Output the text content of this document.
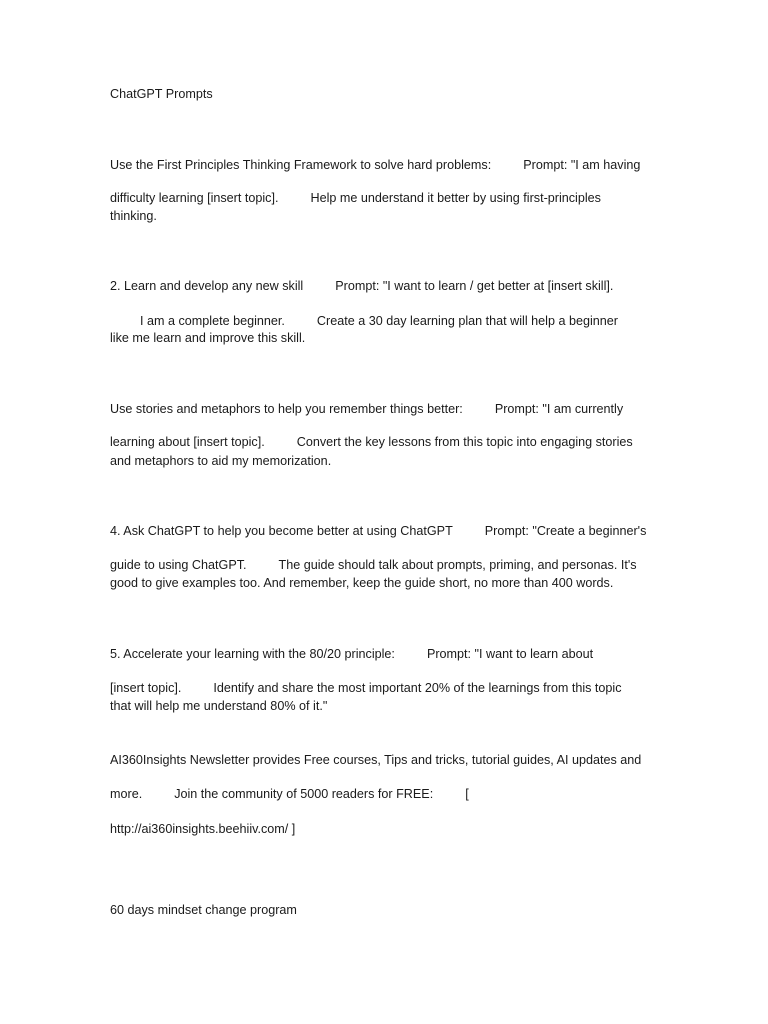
ChatGPT Prompts
Use the First Principles Thinking Framework to solve hard problems:	Prompt: "I am having
difficulty learning [insert topic].	Help me understand it better by using first-principles
thinking.
2. Learn and develop any new skill	Prompt: "I want to learn / get better at [insert skill].
I am a complete beginner.	Create a 30 day learning plan that will help a beginner
like me learn and improve this skill.
Use stories and metaphors to help you remember things better:	Prompt: "I am currently
learning about [insert topic].	Convert the key lessons from this topic into engaging stories
and metaphors to aid my memorization.
4. Ask ChatGPT to help you become better at using ChatGPT	Prompt: "Create a beginner's
guide to using ChatGPT.	The guide should talk about prompts, priming, and personas. It's
good to give examples too. And remember, keep the guide short, no more than 400 words.
5. Accelerate your learning with the 80/20 principle:	Prompt: "I want to learn about
[insert topic].	Identify and share the most important 20% of the learnings from this topic
that will help me understand 80% of it."
AI360Insights Newsletter provides Free courses, Tips and tricks, tutorial guides, AI updates and
more.	Join the community of 5000 readers for FREE:	[
http://ai360insights.beehiiv.com/ ]
60 days mindset change program
